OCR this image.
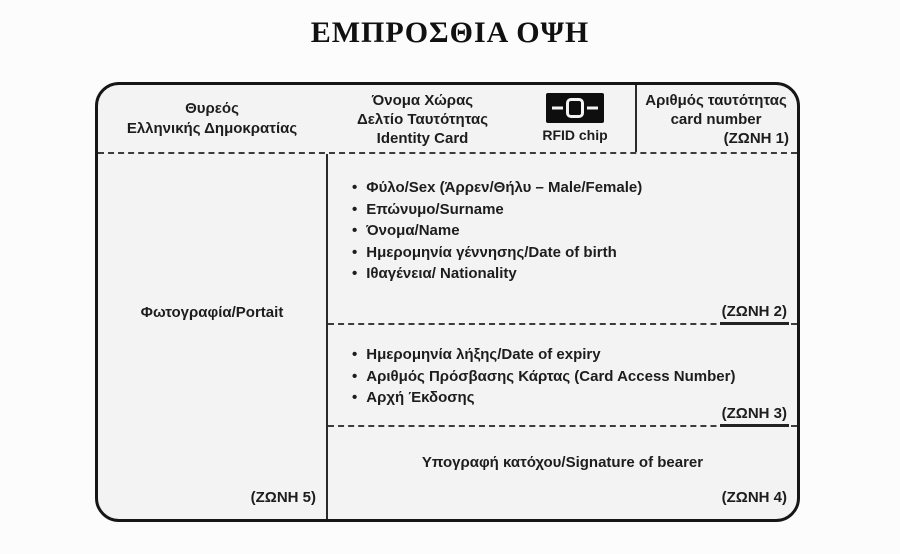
ΕΜΠΡΟΣΘΙΑ ΟΨΗ
Θυρεός
Ελληνικής Δημοκρατίας
Όνομα Χώρας
Δελτίο Ταυτότητας
Identity Card	RFID chip
Αριθμός ταυτότητας
card number
(ΖΩΝΗ 1)
Φωτογραφία/Portait
(ΖΩΝΗ 5)
• Φύλο/Sex (Άρρεν/Θήλυ – Male/Female)
• Επώνυμο/Surname
• Όνομα/Name
• Ημερομηνία γέννησης/Date of birth
• Ιθαγένεια/ Nationality
(ΖΩΝΗ 2)
• Ημερομηνία λήξης/Date of expiry
• Αριθμός Πρόσβασης Κάρτας (Card Access Number)
• Αρχή Έκδοσης
(ΖΩΝΗ 3)
Υπογραφή κατόχου/Signature of bearer
(ΖΩΝΗ 4)
